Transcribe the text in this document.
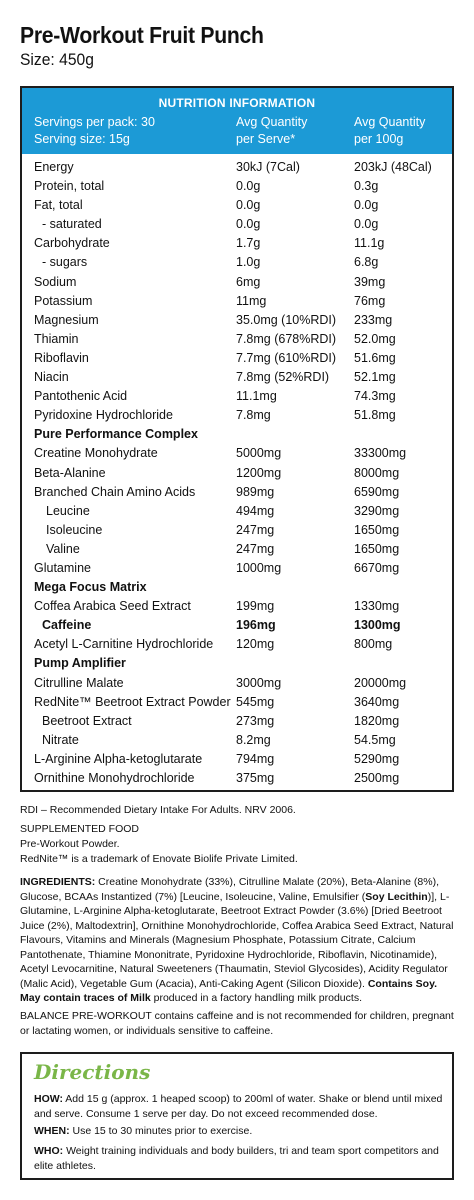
Pre-Workout Fruit Punch
Size: 450g
NUTRITION INFORMATION
Servings per pack: 30
Serving size: 15g
Avg Quantity
per Serve*
Avg Quantity
per 100g
Energy	30kJ (7Cal)	203kJ (48Cal)
Protein, total	0.0g	0.3g
Fat, total	0.0g	0.0g
- saturated	0.0g	0.0g
Carbohydrate	1.7g	11.1g
- sugars	1.0g	6.8g
Sodium	6mg	39mg
Potassium	11mg	76mg
Magnesium	35.0mg (10%RDI) 233mg
Thiamin	7.8mg (678%RDI) 52.0mg
Riboflavin	7.7mg (610%RDI) 51.6mg
Niacin	7.8mg (52%RDI) 52.1mg
Pantothenic Acid	11.1mg	74.3mg
Pyridoxine Hydrochloride	7.8mg	51.8mg
Pure Performance Complex
Creatine Monohydrate	5000mg	33300mg
Beta-Alanine	1200mg	8000mg
Branched Chain Amino Acids	989mg	6590mg
Leucine	494mg	3290mg
Isoleucine	247mg	1650mg
Valine	247mg	1650mg
Glutamine	1000mg	6670mg
Mega Focus Matrix
Coffea Arabica Seed Extract	199mg	1330mg
Caffeine	196mg	1300mg
Acetyl L-Carnitine Hydrochloride 120mg	800mg
Pump Amplifier
Citrulline Malate	3000mg	20000mg
RedNite™ Beetroot Extract Powder 545mg	3640mg
Beetroot Extract	273mg	1820mg
Nitrate	8.2mg	54.5mg
L-Arginine Alpha-ketoglutarate	794mg	5290mg
Ornithine Monohydrochloride	375mg	2500mg
RDI – Recommended Dietary Intake For Adults. NRV 2006.
SUPPLEMENTED FOOD
Pre-Workout Powder.
RedNite™ is a trademark of Enovate Biolife Private Limited.
INGREDIENTS: Creatine Monohydrate (33%), Citrulline Malate (20%), Beta-Alanine (8%), Glucose, BCAAs Instantized (7%) [Leucine, Isoleucine, Valine, Emulsifier (Soy Lecithin)], L-Glutamine, L-Arginine Alpha-ketoglutarate, Beetroot Extract Powder (3.6%) [Dried Beetroot Juice (2%), Maltodextrin], Ornithine Monohydrochloride, Coffea Arabica Seed Extract, Natural Flavours, Vitamins and Minerals (Magnesium Phosphate, Potassium Citrate, Calcium Pantothenate, Thiamine Mononitrate, Pyridoxine Hydrochloride, Riboflavin, Nicotinamide), Acetyl Levocarnitine, Natural Sweeteners (Thaumatin, Steviol Glycosides), Acidity Regulator (Malic Acid), Vegetable Gum (Acacia), Anti-Caking Agent (Silicon Dioxide). Contains Soy. May contain traces of Milk produced in a factory handling milk products.
BALANCE PRE-WORKOUT contains caffeine and is not recommended for children, pregnant or lactating women, or individuals sensitive to caffeine.
Directions
HOW: Add 15 g (approx. 1 heaped scoop) to 200ml of water. Shake or blend until mixed and serve. Consume 1 serve per day. Do not exceed recommended dose.
WHEN: Use 15 to 30 minutes prior to exercise.
WHO: Weight training individuals and body builders, tri and team sport competitors and elite athletes.
